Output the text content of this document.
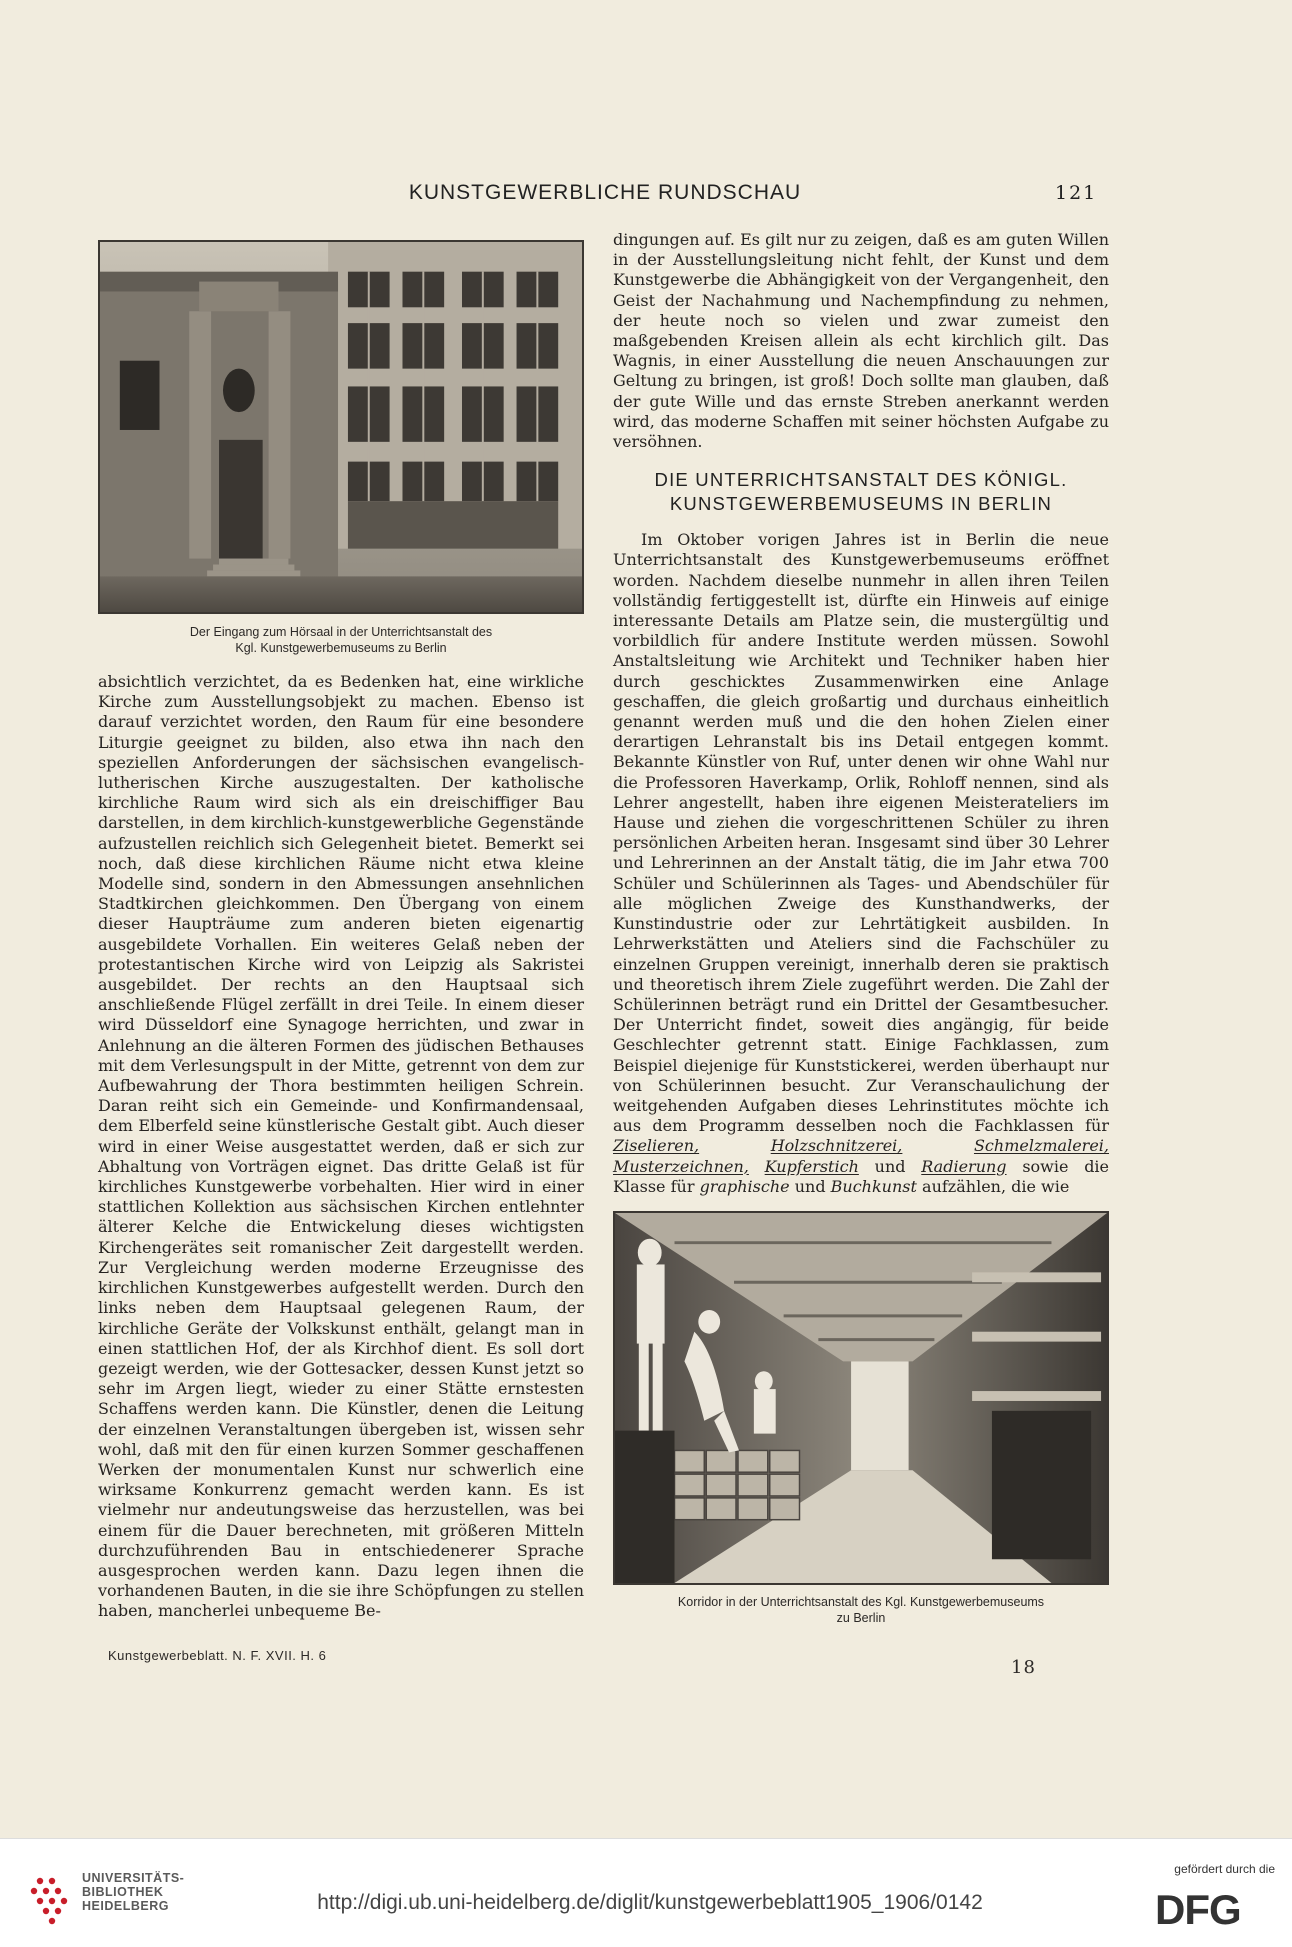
KUNSTGEWERBLICHE RUNDSCHAU	121

Der Eingang zum Hörsaal in der Unterrichtsanstalt des
Kgl. Kunstgewerbemuseums zu Berlin

absichtlich verzichtet, da es Bedenken hat, eine wirkliche Kirche zum Ausstellungsobjekt zu machen. Ebenso ist darauf verzichtet worden, den Raum für eine besondere Liturgie geeignet zu bilden, also etwa ihn nach den speziellen Anforderungen der sächsischen evangelisch-lutherischen Kirche auszugestalten. Der katholische kirchliche Raum wird sich als ein dreischiffiger Bau darstellen, in dem kirchlich-kunstgewerbliche Gegenstände aufzustellen reichlich sich Gelegenheit bietet. Bemerkt sei noch, daß diese kirchlichen Räume nicht etwa kleine Modelle sind, sondern in den Abmessungen ansehnlichen Stadtkirchen gleichkommen. Den Übergang von einem dieser Haupträume zum anderen bieten eigenartig ausgebildete Vorhallen. Ein weiteres Gelaß neben der protestantischen Kirche wird von Leipzig als Sakristei ausgebildet. Der rechts an den Hauptsaal sich anschließende Flügel zerfällt in drei Teile. In einem dieser wird Düsseldorf eine Synagoge herrichten, und zwar in Anlehnung an die älteren Formen des jüdischen Bethauses mit dem Verlesungspult in der Mitte, getrennt von dem zur Aufbewahrung der Thora bestimmten heiligen Schrein. Daran reiht sich ein Gemeinde- und Konfirmandensaal, dem Elberfeld seine künstlerische Gestalt gibt. Auch dieser wird in einer Weise ausgestattet werden, daß er sich zur Abhaltung von Vorträgen eignet. Das dritte Gelaß ist für kirchliches Kunstgewerbe vorbehalten. Hier wird in einer stattlichen Kollektion aus sächsischen Kirchen entlehnter älterer Kelche die Entwickelung dieses wichtigsten Kirchengerätes seit romanischer Zeit dargestellt werden. Zur Vergleichung werden moderne Erzeugnisse des kirchlichen Kunstgewerbes aufgestellt werden. Durch den links neben dem Hauptsaal gelegenen Raum, der kirchliche Geräte der Volkskunst enthält, gelangt man in einen stattlichen Hof, der als Kirchhof dient. Es soll dort gezeigt werden, wie der Gottesacker, dessen Kunst jetzt so sehr im Argen liegt, wieder zu einer Stätte ernstesten Schaffens werden kann. Die Künstler, denen die Leitung der einzelnen Veranstaltungen übergeben ist, wissen sehr wohl, daß mit den für einen kurzen Sommer geschaffenen Werken der monumentalen Kunst nur schwerlich eine wirksame Konkurrenz gemacht werden kann. Es ist vielmehr nur andeutungsweise das herzustellen, was bei einem für die Dauer berechneten, mit größeren Mitteln durchzuführenden Bau in entschiedenerer Sprache ausgesprochen werden kann. Dazu legen ihnen die vorhandenen Bauten, in die sie ihre Schöpfungen zu stellen haben, mancherlei unbequeme Be-

dingungen auf. Es gilt nur zu zeigen, daß es am guten Willen in der Ausstellungsleitung nicht fehlt, der Kunst und dem Kunstgewerbe die Abhängigkeit von der Vergangenheit, den Geist der Nachahmung und Nachempfindung zu nehmen, der heute noch so vielen und zwar zumeist den maßgebenden Kreisen allein als echt kirchlich gilt. Das Wagnis, in einer Ausstellung die neuen Anschauungen zur Geltung zu bringen, ist groß! Doch sollte man glauben, daß der gute Wille und das ernste Streben anerkannt werden wird, das moderne Schaffen mit seiner höchsten Aufgabe zu versöhnen.

DIE UNTERRICHTSANSTALT DES KÖNIGL.
KUNSTGEWERBEMUSEUMS IN BERLIN

Im Oktober vorigen Jahres ist in Berlin die neue Unterrichtsanstalt des Kunstgewerbemuseums eröffnet worden. Nachdem dieselbe nunmehr in allen ihren Teilen vollständig fertiggestellt ist, dürfte ein Hinweis auf einige interessante Details am Platze sein, die mustergültig und vorbildlich für andere Institute werden müssen. Sowohl Anstaltsleitung wie Architekt und Techniker haben hier durch geschicktes Zusammenwirken eine Anlage geschaffen, die gleich großartig und durchaus einheitlich genannt werden muß und die den hohen Zielen einer derartigen Lehranstalt bis ins Detail entgegen kommt. Bekannte Künstler von Ruf, unter denen wir ohne Wahl nur die Professoren Haverkamp, Orlik, Rohloff nennen, sind als Lehrer angestellt, haben ihre eigenen Meisterateliers im Hause und ziehen die vorgeschrittenen Schüler zu ihren persönlichen Arbeiten heran. Insgesamt sind über 30 Lehrer und Lehrerinnen an der Anstalt tätig, die im Jahr etwa 700 Schüler und Schülerinnen als Tages- und Abendschüler für alle möglichen Zweige des Kunsthandwerks, der Kunstindustrie oder zur Lehrtätigkeit ausbilden. In Lehrwerkstätten und Ateliers sind die Fachschüler zu einzelnen Gruppen vereinigt, innerhalb deren sie praktisch und theoretisch ihrem Ziele zugeführt werden. Die Zahl der Schülerinnen beträgt rund ein Drittel der Gesamtbesucher. Der Unterricht findet, soweit dies angängig, für beide Geschlechter getrennt statt. Einige Fachklassen, zum Beispiel diejenige für Kunststickerei, werden überhaupt nur von Schülerinnen besucht. Zur Veranschaulichung der weitgehenden Aufgaben dieses Lehrinstitutes möchte ich aus dem Programm desselben noch die Fachklassen für Ziselieren,	Holzschnitzerei,	Schmelzmalerei, Musterzeichnen, Kupferstich und Radierung sowie die Klasse für graphische und Buchkunst aufzählen, die wie

Korridor in der Unterrichtsanstalt des Kgl. Kunstgewerbemuseums
zu Berlin

Kunstgewerbeblatt. N. F. XVII. H. 6
18
UNIVERSITÄTS-
BIBLIOTHEK
HEIDELBERG	http://digi.ub.uni-heidelberg.de/diglit/kunstgewerbeblatt1905_1906/0142
gefördert durch die
DFG
